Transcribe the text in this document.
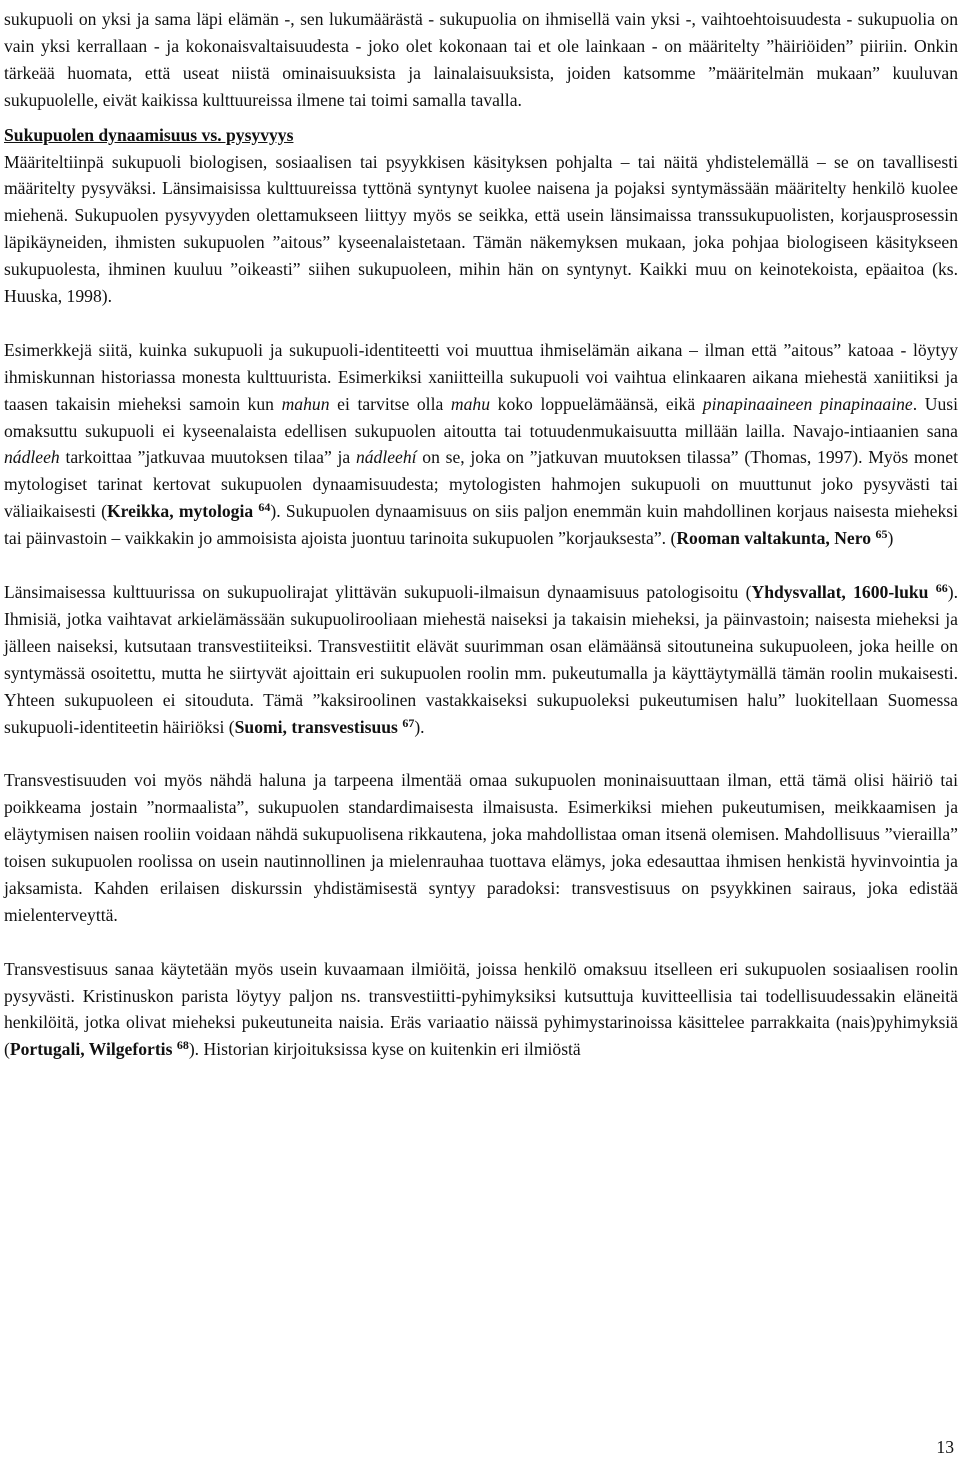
sukupuoli on yksi ja sama läpi elämän -, sen lukumäärästä - sukupuolia on ihmisellä vain yksi -, vaihtoehtoisuudesta - sukupuolia on vain yksi kerrallaan - ja kokonaisvaltaisuudesta - joko olet kokonaan tai et ole lainkaan - on määritelty ”häiriöiden” piiriin. Onkin tärkeää huomata, että useat niistä ominaisuuksista ja lainalaisuuksista, joiden katsomme ”määritelmän mukaan” kuuluvan sukupuolelle, eivät kaikissa kulttuureissa ilmene tai toimi samalla tavalla.

Sukupuolen dynaamisuus vs. pysyvyys

Määriteltiinpä sukupuoli biologisen, sosiaalisen tai psyykkisen käsityksen pohjalta – tai näitä yhdistelemällä – se on tavallisesti määritelty pysyväksi. Länsimaisissa kulttuureissa tyttönä syntynyt kuolee naisena ja pojaksi syntymässään määritelty henkilö kuolee miehenä. Sukupuolen pysyvyyden olettamukseen liittyy myös se seikka, että usein länsimaissa transsukupuolisten, korjausprosessin läpikäyneiden, ihmisten sukupuolen ”aitous” kyseenalaistetaan. Tämän näkemyksen mukaan, joka pohjaa biologiseen käsitykseen sukupuolesta, ihminen kuuluu ”oikeasti” siihen sukupuoleen, mihin hän on syntynyt. Kaikki muu on keinotekoista, epäaitoa (ks. Huuska, 1998).

Esimerkkejä siitä, kuinka sukupuoli ja sukupuoli-identiteetti voi muuttua ihmiselämän aikana – ilman että ”aitous” katoaa - löytyy ihmiskunnan historiassa monesta kulttuurista. Esimerkiksi xaniitteilla sukupuoli voi vaihtua elinkaaren aikana miehestä xaniitiksi ja taasen takaisin mieheksi samoin kun mahun ei tarvitse olla mahu koko loppuelämäänsä, eikä pinapinaaineen pinapinaaine. Uusi omaksuttu sukupuoli ei kyseenalaista edellisen sukupuolen aitoutta tai totuudenmukaisuutta millään lailla. Navajo-intiaanien sana nádleeh tarkoittaa ”jatkuvaa muutoksen tilaa” ja nádleehí on se, joka on ”jatkuvan muutoksen tilassa” (Thomas, 1997). Myös monet mytologiset tarinat kertovat sukupuolen dynaamisuudesta; mytologisten hahmojen sukupuoli on muuttunut joko pysyvästi tai väliaikaisesti (Kreikka, mytologia $^{64}$). Sukupuolen dynaamisuus on siis paljon enemmän kuin mahdollinen korjaus naisesta mieheksi tai päinvastoin – vaikkakin jo ammoisista ajoista juontuu tarinoita sukupuolen ”korjauksesta”. (Rooman valtakunta, Nero $^{65}$)

Länsimaisessa kulttuurissa on sukupuolirajat ylittävän sukupuoli-ilmaisun dynaamisuus patologisoitu (Yhdysvallat, 1600-luku $^{66}$). Ihmisiä, jotka vaihtavat arkielämässään sukupuolirooliaan miehestä naiseksi ja takaisin mieheksi, ja päinvastoin; naisesta mieheksi ja jälleen naiseksi, kutsutaan transvestiiteiksi. Transvestiitit elävät suurimman osan elämäänsä sitoutuneina sukupuoleen, joka heille on syntymässä osoitettu, mutta he siirtyvät ajoittain eri sukupuolen roolin mm. pukeutumalla ja käyttäytymällä tämän roolin mukaisesti. Yhteen sukupuoleen ei sitouduta. Tämä ”kaksiroolinen vastakkaiseksi sukupuoleksi pukeutumisen halu” luokitellaan Suomessa sukupuoli-identiteetin häiriöksi (Suomi, transvestisuus $^{67}$).

Transvestisuuden voi myös nähdä haluna ja tarpeena ilmentää omaa sukupuolen moninaisuuttaan ilman, että tämä olisi häiriö tai poikkeama jostain ”normaalista”, sukupuolen standardimaisesta ilmaisusta. Esimerkiksi miehen pukeutumisen, meikkaamisen ja eläytymisen naisen rooliin voidaan nähdä sukupuolisena rikkautena, joka mahdollistaa oman itsenä olemisen. Mahdollisuus ”vierailla” toisen sukupuolen roolissa on usein nautinnollinen ja mielenrauhaa tuottava elämys, joka edesauttaa ihmisen henkistä hyvinvointia ja jaksamista. Kahden erilaisen diskurssin yhdistämisestä syntyy paradoksi: transvestisuus on psyykkinen sairaus, joka edistää mielenterveyttä.

Transvestisuus sanaa käytetään myös usein kuvaamaan ilmiöitä, joissa henkilö omaksuu itselleen eri sukupuolen sosiaalisen roolin pysyvästi. Kristinuskon parista löytyy paljon ns. transvestiitti-pyhimyksiksi kutsuttuja kuvitteellisia tai todellisuudessakin eläneitä henkilöitä, jotka olivat mieheksi pukeutuneita naisia. Eräs variaatio näissä pyhimystarinoissa käsittelee parrakkaita (nais)pyhimyksiä (Portugali, Wilgefortis $^{68}$). Historian kirjoituksissa kyse on kuitenkin eri ilmiöstä

13
